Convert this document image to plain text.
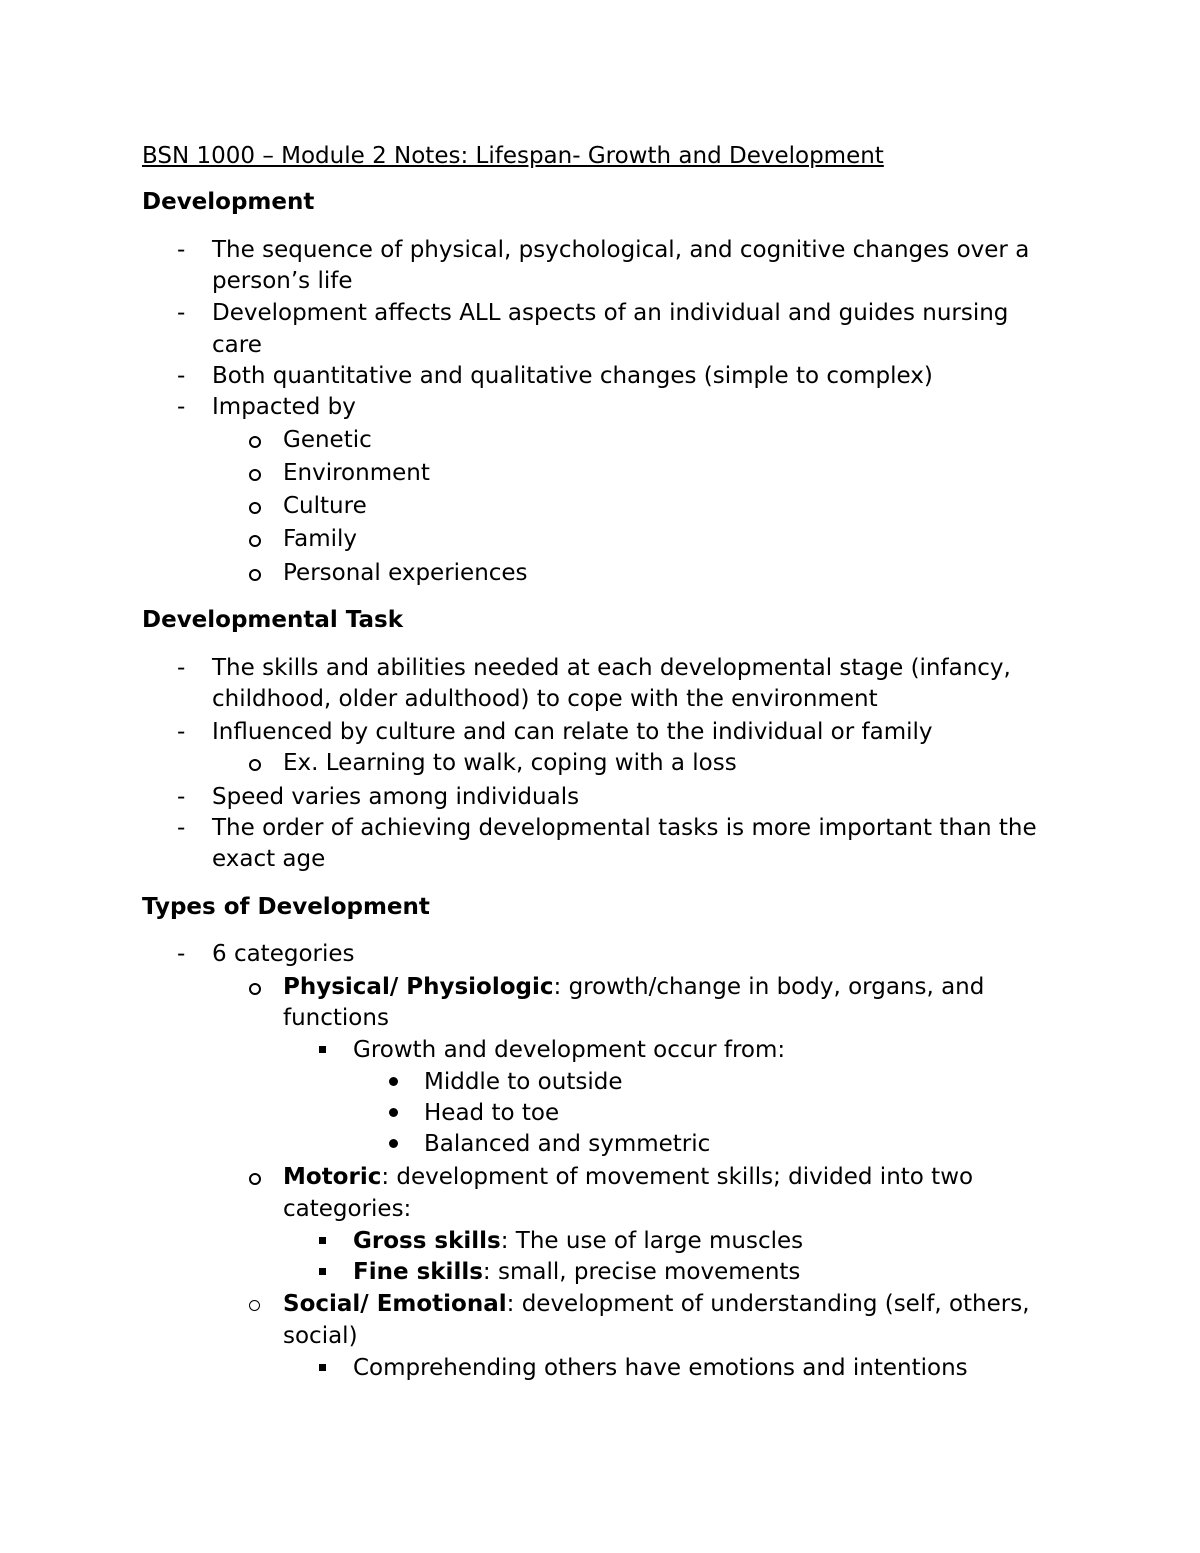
BSN 1000 – Module 2 Notes: Lifespan- Growth and Development
Development
- The sequence of physical, psychological, and cognitive changes over a
person’s life
- Development affects ALL aspects of an individual and guides nursing
care
- Both quantitative and qualitative changes (simple to complex)
- Impacted by
Genetic
Environment
Culture
Family
Personal experiences
Developmental Task
- The skills and abilities needed at each developmental stage (infancy,
childhood, older adulthood) to cope with the environment
- Influenced by culture and can relate to the individual or family
Ex. Learning to walk, coping with a loss
- Speed varies among individuals
- The order of achieving developmental tasks is more important than the
exact age
Types of Development
- 6 categories
Physical/ Physiologic: growth/change in body, organs, and
functions
Growth and development occur from:
Middle to outside
Head to toe
Balanced and symmetric
Motoric: development of movement skills; divided into two
categories:
Gross skills: The use of large muscles
Fine skills: small, precise movements
Social/ Emotional: development of understanding (self, others,
social)
Comprehending others have emotions and intentions
